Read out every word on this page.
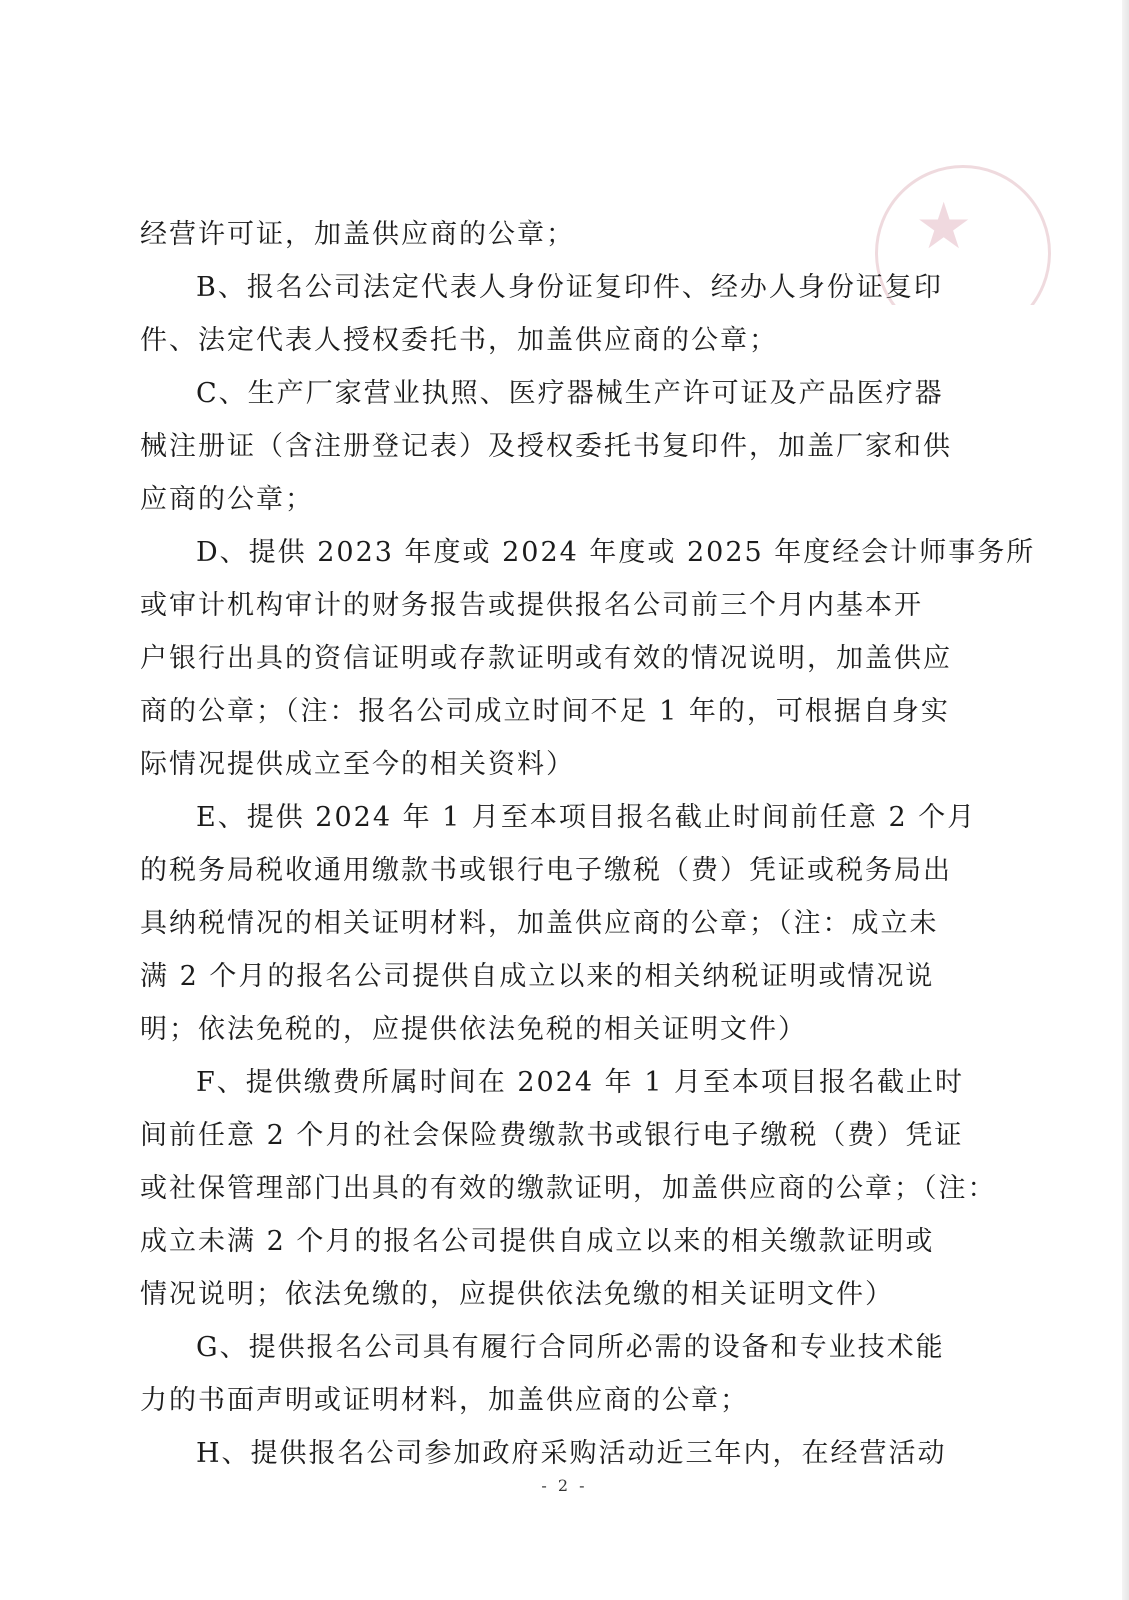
★
经营许可证，加盖供应商的公章；
B、报名公司法定代表人身份证复印件、经办人身份证复印
件、法定代表人授权委托书，加盖供应商的公章；
C、生产厂家营业执照、医疗器械生产许可证及产品医疗器
械注册证（含注册登记表）及授权委托书复印件，加盖厂家和供
应商的公章；
D、提供 2023 年度或 2024 年度或 2025 年度经会计师事务所
或审计机构审计的财务报告或提供报名公司前三个月内基本开
户银行出具的资信证明或存款证明或有效的情况说明，加盖供应
商的公章；（注：报名公司成立时间不足 1 年的，可根据自身实
际情况提供成立至今的相关资料）
E、提供 2024 年 1 月至本项目报名截止时间前任意 2 个月
的税务局税收通用缴款书或银行电子缴税（费）凭证或税务局出
具纳税情况的相关证明材料，加盖供应商的公章；（注：成立未
满 2 个月的报名公司提供自成立以来的相关纳税证明或情况说
明；依法免税的，应提供依法免税的相关证明文件）
F、提供缴费所属时间在 2024 年 1 月至本项目报名截止时
间前任意 2 个月的社会保险费缴款书或银行电子缴税（费）凭证
或社保管理部门出具的有效的缴款证明，加盖供应商的公章；（注：
成立未满 2 个月的报名公司提供自成立以来的相关缴款证明或
情况说明；依法免缴的，应提供依法免缴的相关证明文件）
G、提供报名公司具有履行合同所必需的设备和专业技术能
力的书面声明或证明材料，加盖供应商的公章；
H、提供报名公司参加政府采购活动近三年内，在经营活动
- 2 -
